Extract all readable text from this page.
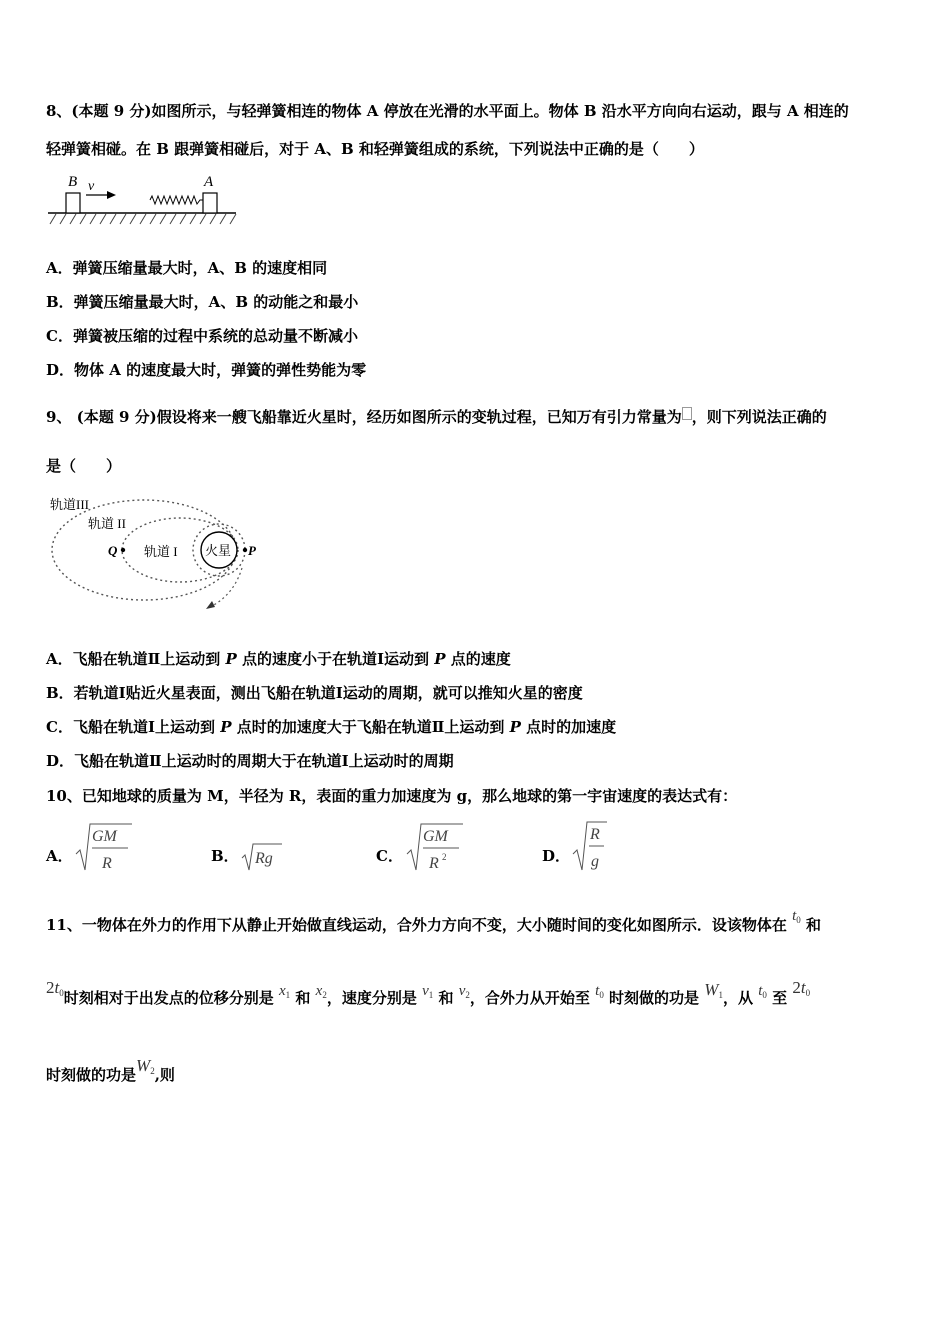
8、(本题 9 分)如图所示，与轻弹簧相连的物体 A 停放在光滑的水平面上。物体 B 沿水平方向向右运动，跟与 A 相连的
轻弹簧相碰。在 B 跟弹簧相碰后，对于 A、B 和轻弹簧组成的系统，下列说法中正确的是（　　）
B v	A
A．弹簧压缩量最大时，A、B 的速度相同
B．弹簧压缩量最大时，A、B 的动能之和最小
C．弹簧被压缩的过程中系统的总动量不断减小
D．物体 A 的速度最大时，弹簧的弹性势能为零
9、 (本题 9 分)假设将来一艘飞船靠近火星时，经历如图所示的变轨过程，已知万有引力常量为 ，则下列说法正确的
是（　　）
轨道III
轨道 II
轨道 I 火星
Q	P
A．飞船在轨道Ⅱ上运动到 P 点的速度小于在轨道Ⅰ运动到 P 点的速度
B．若轨道Ⅰ贴近火星表面，测出飞船在轨道Ⅰ运动的周期，就可以推知火星的密度
C．飞船在轨道Ⅰ上运动到 P 点时的加速度大于飞船在轨道Ⅱ上运动到 P 点时的加速度
D．飞船在轨道Ⅱ上运动时的周期大于在轨道Ⅰ上运动时的周期
10、已知地球的质量为 M，半径为 R，表面的重力加速度为 g，那么地球的第一宇宙速度的表达式有：
A．
GM
R	B． Rg	C．
GM
R 2	D．
R
g
11、一物体在外力的作用下从静止开始做直线运动，合外力方向不变，大小随时间的变化如图所示．设该物体在 $t_0$ 和
$2t_0$时刻相对于出发点的位移分别是 $x_1$ 和 $x_2$，速度分别是 $v_1$ 和 $v_2$，合外力从开始至 $t_0$ 时刻做的功是 $W_1$，从 $t_0$ 至 $2t_0$
时刻做的功是$W_2$,则
